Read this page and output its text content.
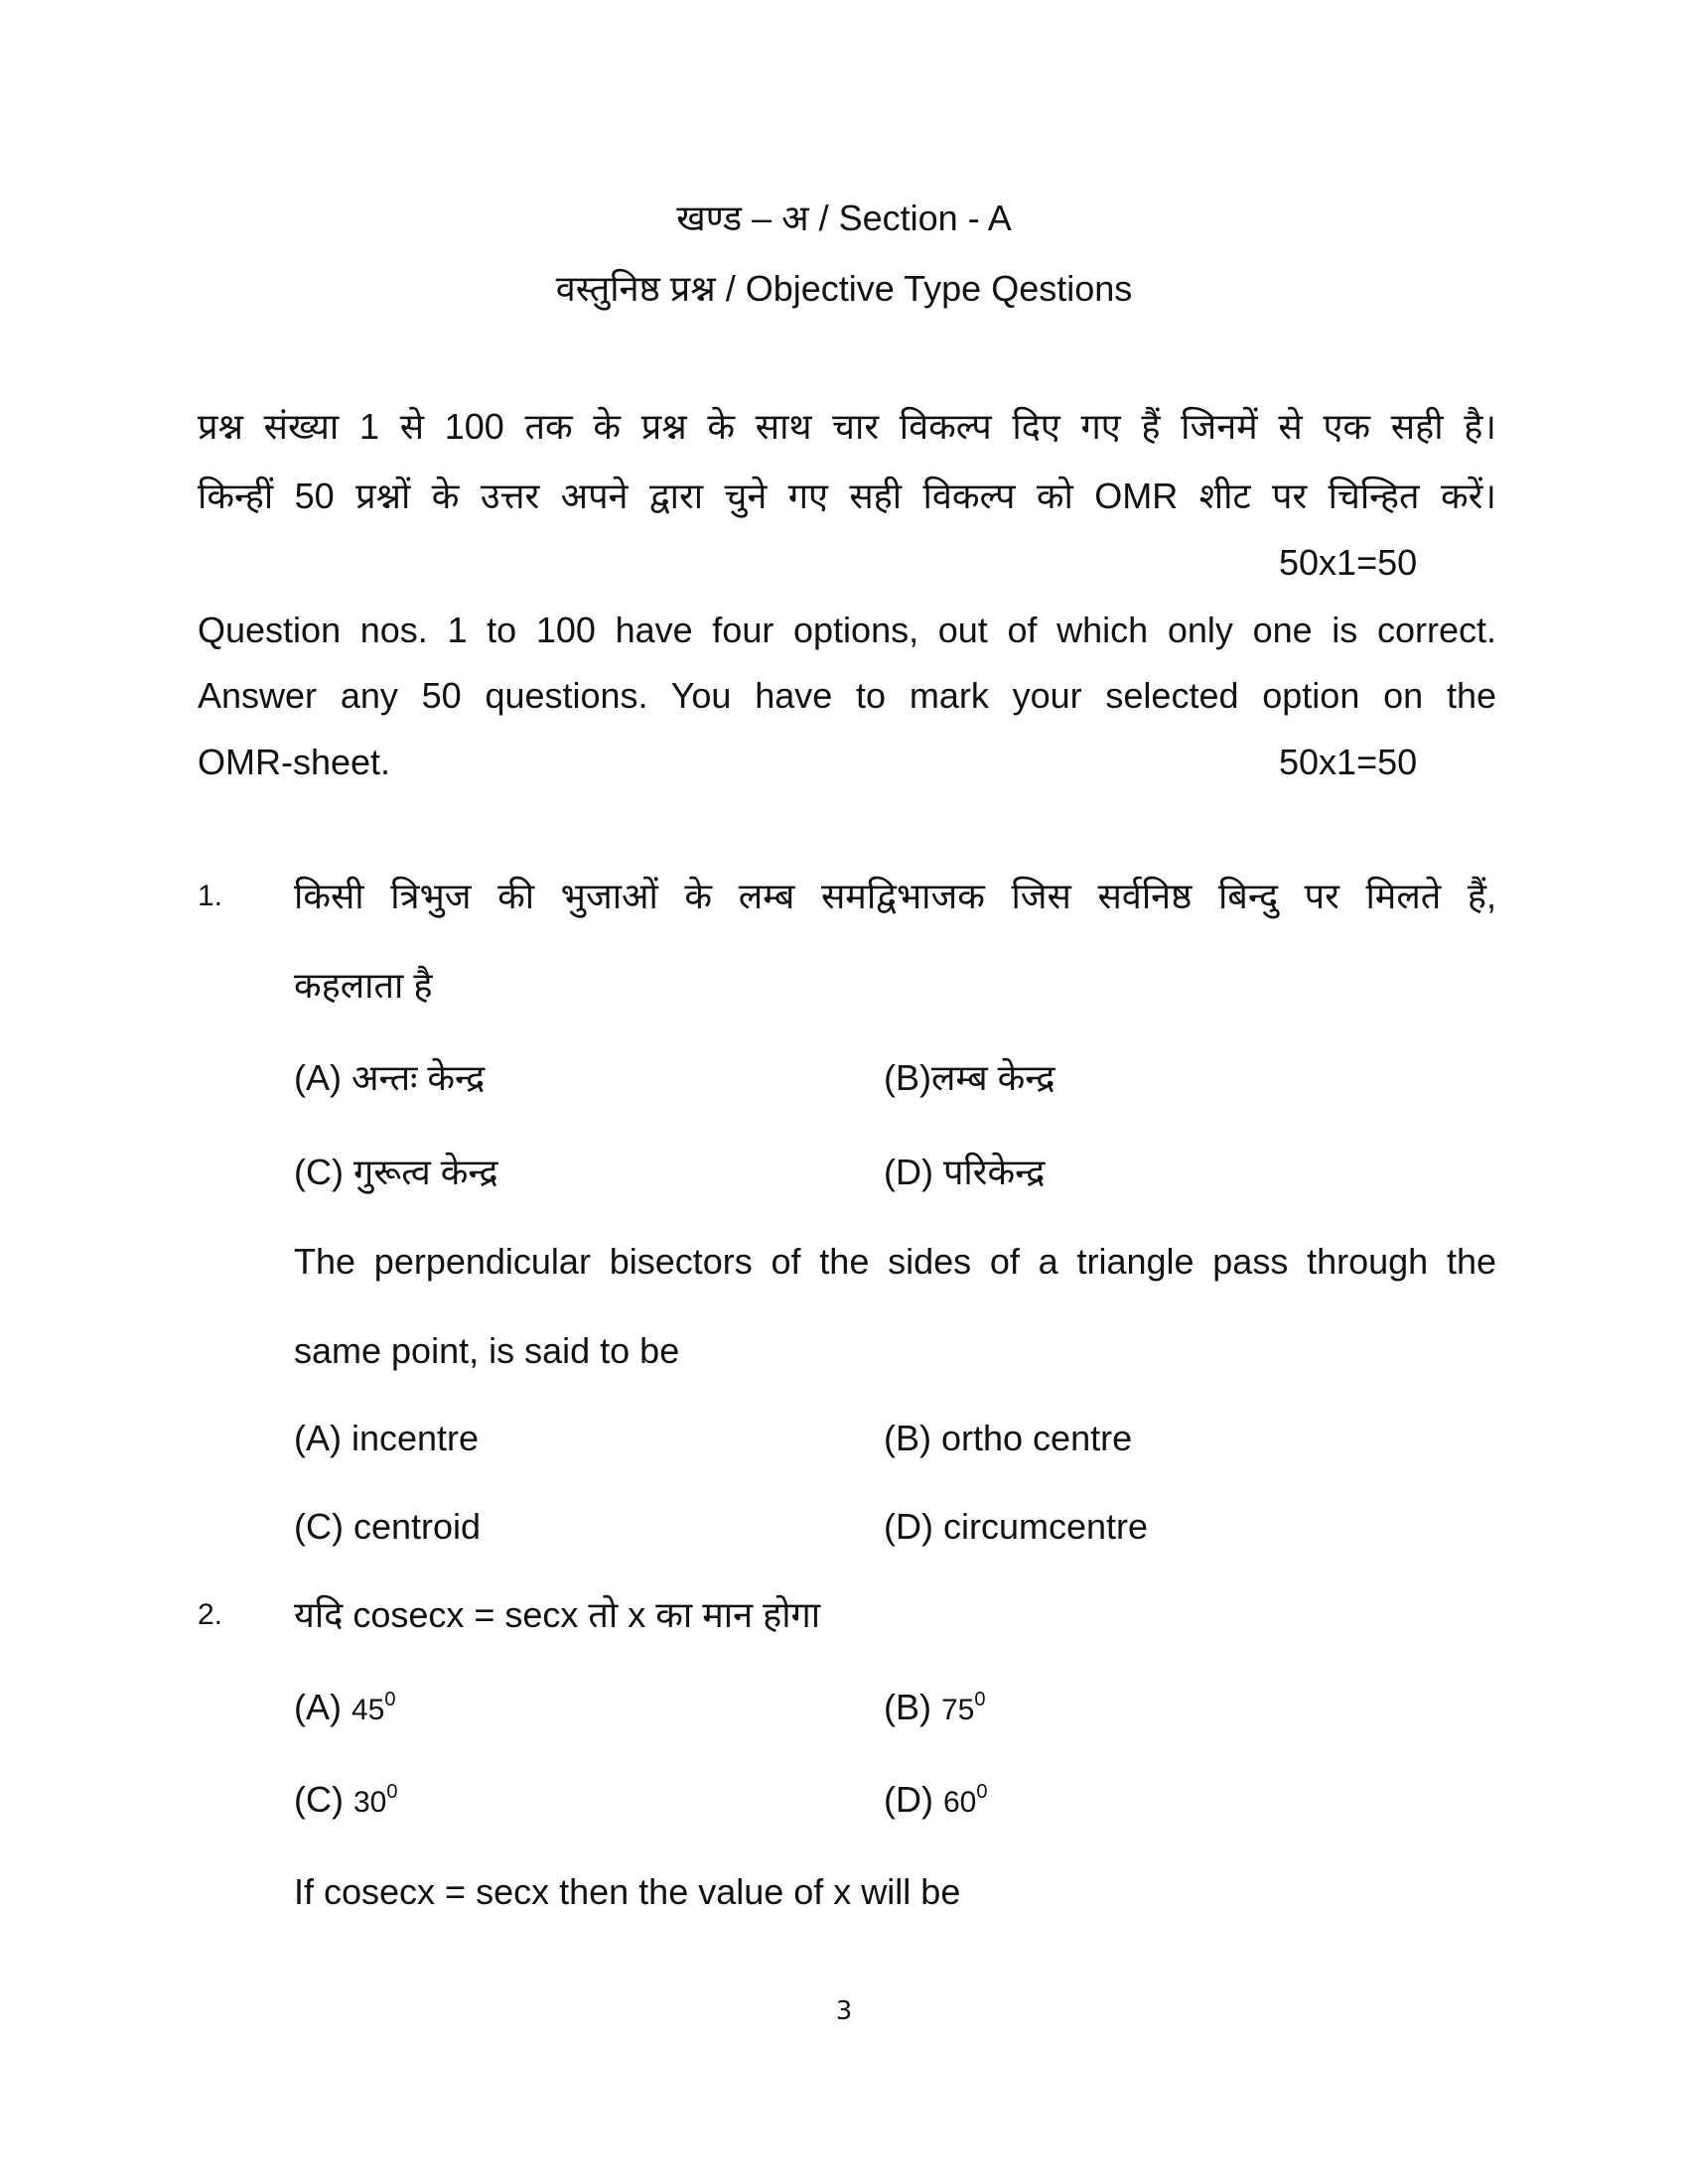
खण्ड – अ / Section - A
वस्तुनिष्ठ प्रश्न / Objective Type Qestions
प्रश्न संख्या 1 से 100 तक के प्रश्न के साथ चार विकल्प दिए गए हैं जिनमें से एक सही है।
किन्हीं 50 प्रश्नों के उत्तर अपने द्वारा चुने गए सही विकल्प को OMR शीट पर चिन्हित करें।
50x1=50
Question nos. 1 to 100 have four options, out of which only one is correct.
Answer any 50 questions. You have to mark your selected option on the
OMR-sheet.	50x1=50
1. किसी त्रिभुज की भुजाओं के लम्ब समद्विभाजक जिस सर्वनिष्ठ बिन्दु पर मिलते हैं,
कहलाता है
(A) अन्तः केन्द्र	(B)लम्ब केन्द्र
(C) गुरूत्व केन्द्र	(D) परिकेन्द्र
The perpendicular bisectors of the sides of a triangle pass through the
same point, is said to be
(A) incentre	(B) ortho centre
(C) centroid	(D) circumcentre
2. यदि cosecx = secx तो x का मान होगा
(A) $45^0$	(B) $75^0$
(C) $30^0$	(D) $60^0$
If cosecx = secx then the value of x will be
3
